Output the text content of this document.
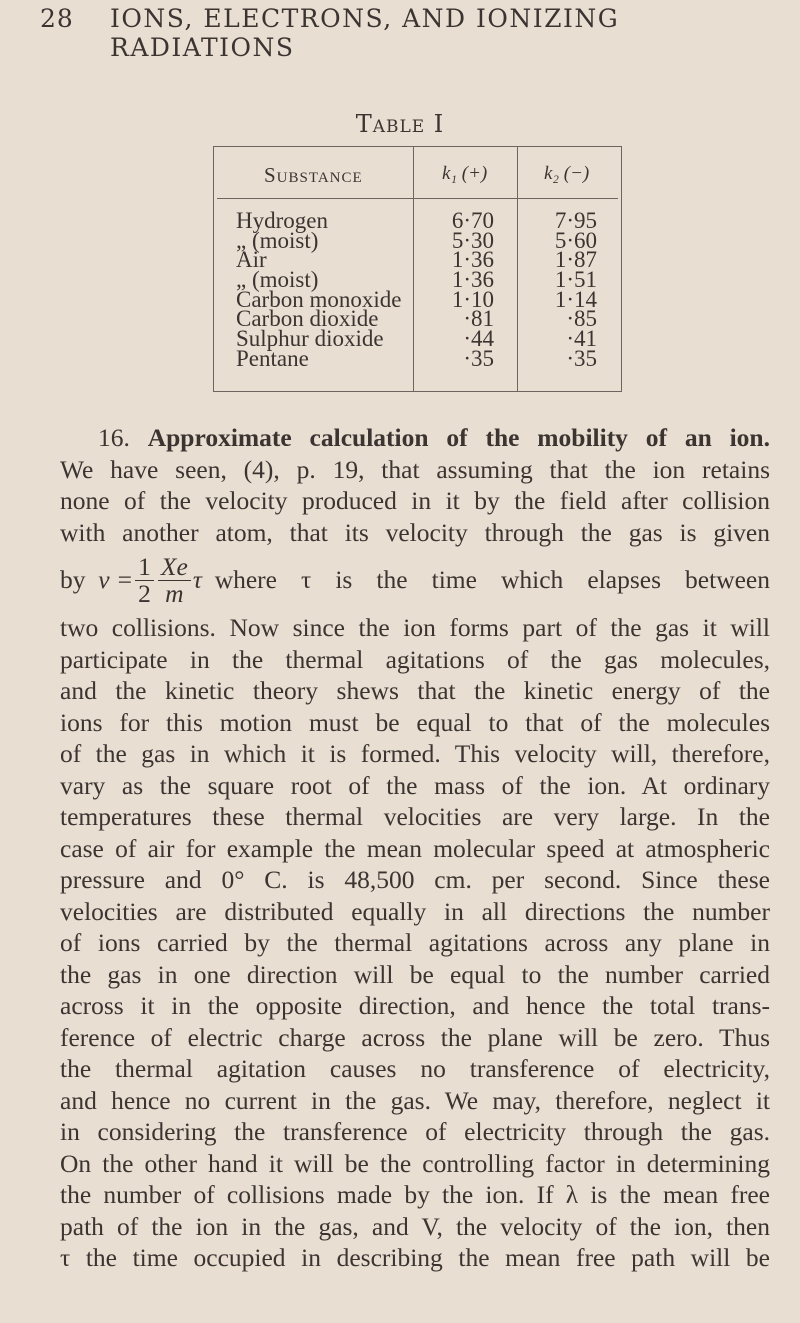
28 IONS, ELECTRONS, AND IONIZING RADIATIONS
Table I
Substance	k₁ (+)	k₂ (−)
Hydrogen	6·70	7·95
„ (moist)	5·30	5·60
Air	1·36	1·87
„ (moist)	1·36	1·51
Carbon monoxide	1·10	1·14
Carbon dioxide	·81	·85
Sulphur dioxide	·44	·41
Pentane	·35	·35
16. Approximate calculation of the mobility of an ion.
We have seen, (4), p. 19, that assuming that the ion retains
none of the velocity produced in it by the field after collision
with another atom, that its velocity through the gas is given
by
$v = \frac{1}{2} \frac{Xe}{m}$ τ
where τ is the time which elapses between
two collisions. Now since the ion forms part of the gas it will
participate in the thermal agitations of the gas molecules,
and the kinetic theory shews that the kinetic energy of the
ions for this motion must be equal to that of the molecules
of the gas in which it is formed. This velocity will, therefore,
vary as the square root of the mass of the ion. At ordinary
temperatures these thermal velocities are very large. In the
case of air for example the mean molecular speed at atmospheric
pressure and 0° C. is 48,500 cm. per second. Since these
velocities are distributed equally in all directions the number
of ions carried by the thermal agitations across any plane in
the gas in one direction will be equal to the number carried
across it in the opposite direction, and hence the total trans-
ference of electric charge across the plane will be zero. Thus
the thermal agitation causes no transference of electricity,
and hence no current in the gas. We may, therefore, neglect it
in considering the transference of electricity through the gas.
On the other hand it will be the controlling factor in determining
the number of collisions made by the ion. If λ is the mean free
path of the ion in the gas, and V, the velocity of the ion, then
τ the time occupied in describing the mean free path will be
